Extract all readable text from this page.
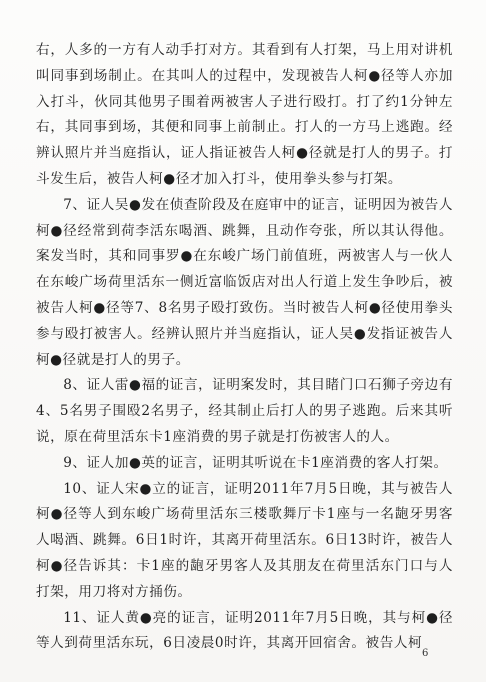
右，人多的一方有人动手打对方。其看到有人打架，马上用对讲机叫同事到场制止。在其叫人的过程中，发现被告人柯●径等人亦加入打斗，伙同其他男子围着两被害人子进行殴打。打了约1分钟左右，其同事到场，其便和同事上前制止。打人的一方马上逃跑。经辨认照片并当庭指认，证人指证被告人柯●径就是打人的男子。打斗发生后，被告人柯●径才加入打斗，使用拳头参与打架。

7、证人吴●发在侦查阶段及在庭审中的证言，证明因为被告人柯●径经常到荷李活东喝酒、跳舞，且动作夸张，所以其认得他。案发当时，其和同事罗●在东峻广场门前值班，两被害人与一伙人在东峻广场荷里活东一侧近富临饭店对出人行道上发生争吵后，被被告人柯●径等7、8名男子殴打致伤。当时被告人柯●径使用拳头参与殴打被害人。经辨认照片并当庭指认，证人吴●发指证被告人柯●径就是打人的男子。

8、证人雷●福的证言，证明案发时，其目睹门口石狮子旁边有4、5名男子围殴2名男子，经其制止后打人的男子逃跑。后来其听说，原在荷里活东卡1座消费的男子就是打伤被害人的人。

9、证人加●英的证言，证明其听说在卡1座消费的客人打架。

10、证人宋●立的证言，证明2011年7月5日晚，其与被告人柯●径等人到东峻广场荷里活东三楼歌舞厅卡1座与一名龅牙男客人喝酒、跳舞。6日1时许，其离开荷里活东。6日13时许，被告人柯●径告诉其：卡1座的龅牙男客人及其朋友在荷里活东门口与人打架，用刀将对方捅伤。

11、证人黄●亮的证言，证明2011年7月5日晚，其与柯●径等人到荷里活东玩，6日凌晨0时许，其离开回宿舍。被告人柯

6
